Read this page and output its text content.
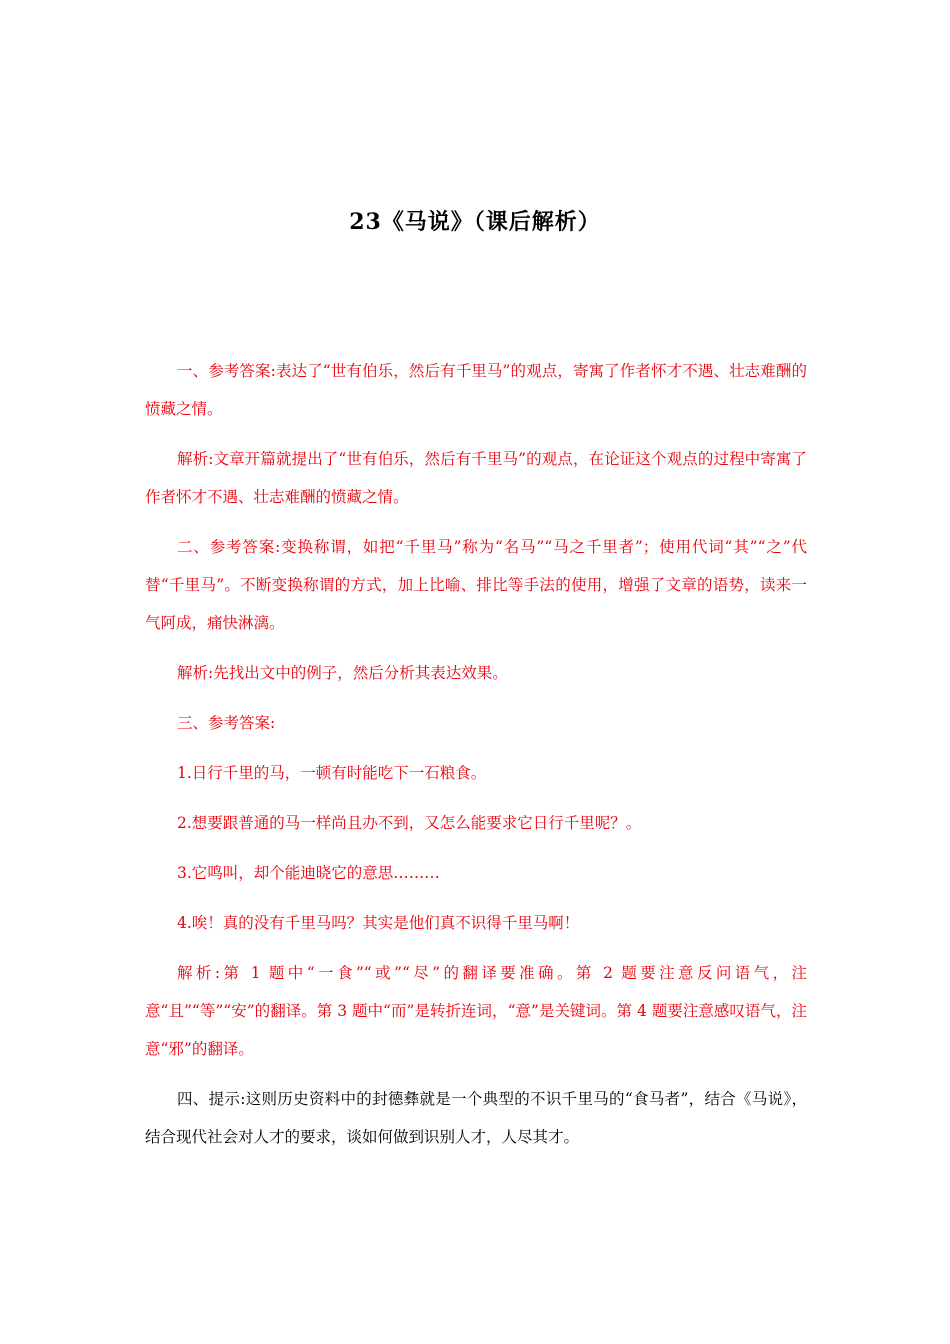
23《马说》（课后解析）

一、参考答案:表达了“世有伯乐，然后有千里马”的观点，寄寓了作者怀才不遇、壮志难酬的愤藏之情。

解析:文章开篇就提出了“世有伯乐，然后有千里马”的观点，在论证这个观点的过程中寄寓了作者怀才不遇、壮志难酬的愤藏之情。

二、参考答案:变换称谓，如把“千里马”称为“名马”“马之千里者”；使用代词“其”“之”代替“千里马”。不断变换称谓的方式，加上比喻、排比等手法的使用，增强了文章的语势，读来一气阿成，痛快淋漓。

解析:先找出文中的例子，然后分析其表达效果。

三、参考答案:

1.日行千里的马，一顿有时能吃下一石粮食。

2.想要跟普通的马一样尚且办不到，又怎么能要求它日行千里呢？。

3.它鸣叫，却个能迪晓它的意思………

4.唉！真的没有千里马吗？其实是他们真不识得千里马啊！

解析:第 1 题中“一食”“或”“尽”的翻译要准确。第 2 题要注意反问语气，注意“且”“等”“安”的翻译。第 3 题中“而”是转折连词，“意”是关键词。第 4 题要注意感叹语气，注意“邪”的翻译。

四、提示:这则历史资料中的封德彝就是一个典型的不识千里马的“食马者”，结合《马说》，结合现代社会对人才的要求，谈如何做到识别人才，人尽其才。
